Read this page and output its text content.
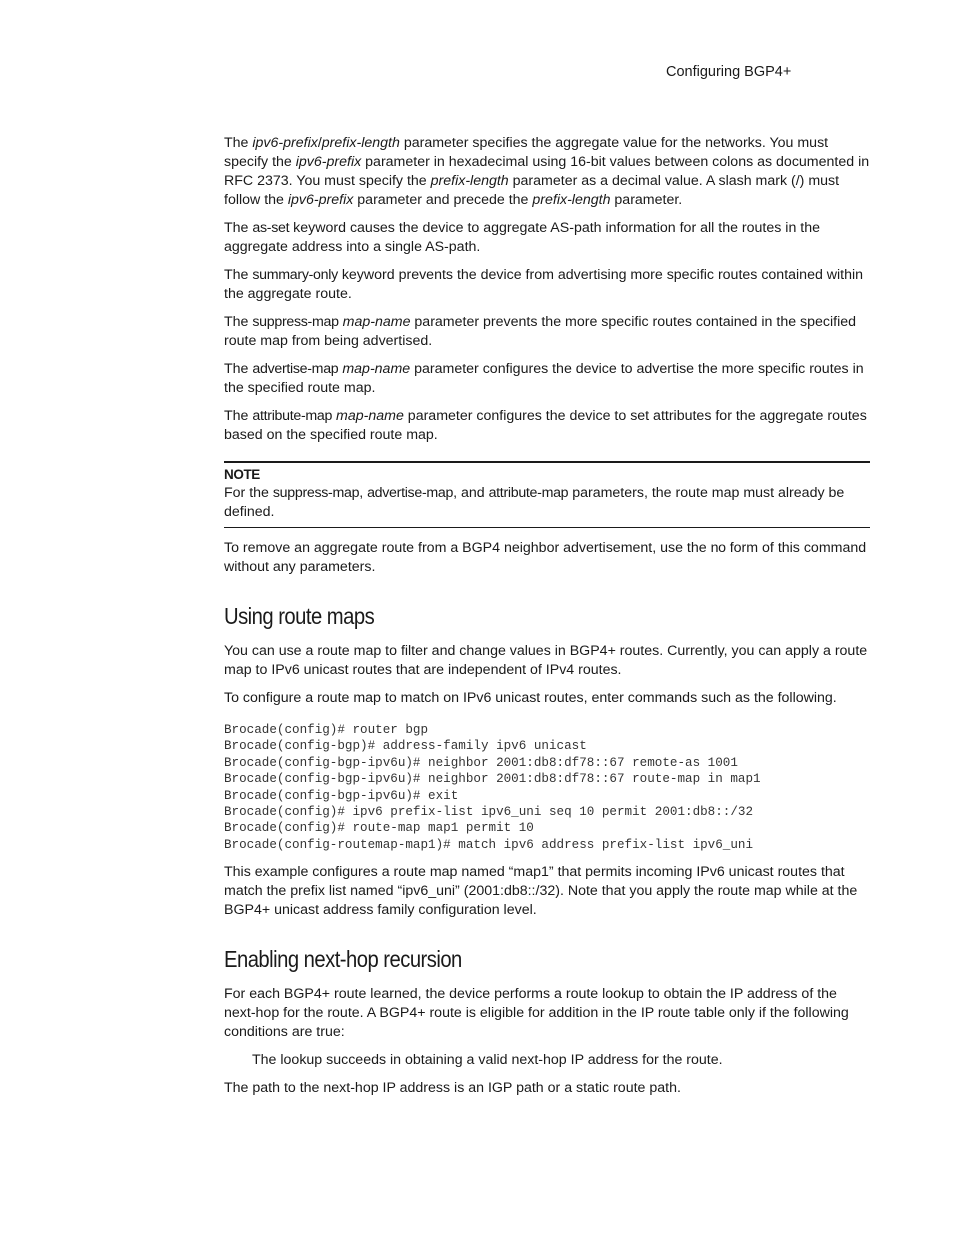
Configuring BGP4+

The ipv6-prefix/prefix-length parameter specifies the aggregate value for the networks. You must specify the ipv6-prefix parameter in hexadecimal using 16-bit values between colons as documented in RFC 2373. You must specify the prefix-length parameter as a decimal value. A slash mark (/) must follow the ipv6-prefix parameter and precede the prefix-length parameter.

The as-set keyword causes the device to aggregate AS-path information for all the routes in the aggregate address into a single AS-path.

The summary-only keyword prevents the device from advertising more specific routes contained within the aggregate route.

The suppress-map map-name parameter prevents the more specific routes contained in the specified route map from being advertised.

The advertise-map map-name parameter configures the device to advertise the more specific routes in the specified route map.

The attribute-map map-name parameter configures the device to set attributes for the aggregate routes based on the specified route map.

NOTE

For the suppress-map, advertise-map, and attribute-map parameters, the route map must already be defined.

To remove an aggregate route from a BGP4 neighbor advertisement, use the no form of this command without any parameters.

Using route maps

You can use a route map to filter and change values in BGP4+ routes. Currently, you can apply a route map to IPv6 unicast routes that are independent of IPv4 routes.

To configure a route map to match on IPv6 unicast routes, enter commands such as the following.

Brocade(config)# router bgp
Brocade(config-bgp)# address-family ipv6 unicast
Brocade(config-bgp-ipv6u)# neighbor 2001:db8:df78::67 remote-as 1001
Brocade(config-bgp-ipv6u)# neighbor 2001:db8:df78::67 route-map in map1
Brocade(config-bgp-ipv6u)# exit
Brocade(config)# ipv6 prefix-list ipv6_uni seq 10 permit 2001:db8::/32
Brocade(config)# route-map map1 permit 10
Brocade(config-routemap-map1)# match ipv6 address prefix-list ipv6_uni

This example configures a route map named “map1” that permits incoming IPv6 unicast routes that match the prefix list named “ipv6_uni” (2001:db8::/32). Note that you apply the route map while at the BGP4+ unicast address family configuration level.

Enabling next-hop recursion

For each BGP4+ route learned, the device performs a route lookup to obtain the IP address of the next-hop for the route. A BGP4+ route is eligible for addition in the IP route table only if the following conditions are true:

The lookup succeeds in obtaining a valid next-hop IP address for the route.

The path to the next-hop IP address is an IGP path or a static route path.
